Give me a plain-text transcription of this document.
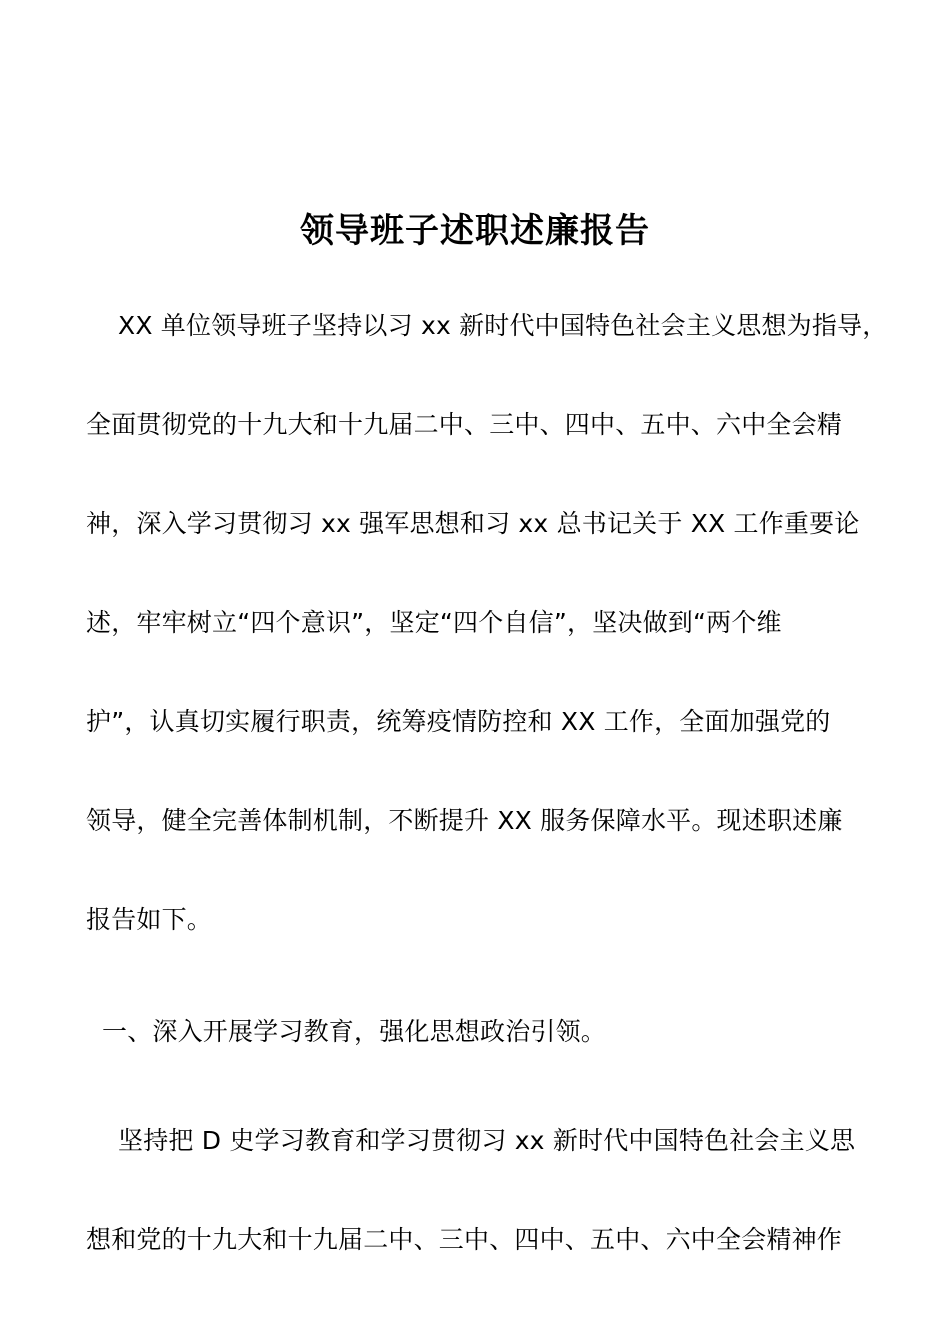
领导班子述职述廉报告
XX 单位领导班子坚持以习 xx 新时代中国特色社会主义思想为指导，
全面贯彻党的十九大和十九届二中、三中、四中、五中、六中全会精
神，深入学习贯彻习 xx 强军思想和习 xx 总书记关于 XX 工作重要论
述，牢牢树立“四个意识”，坚定“四个自信”，坚决做到“两个维
护”，认真切实履行职责，统筹疫情防控和 XX 工作，全面加强党的
领导，健全完善体制机制，不断提升 XX 服务保障水平。现述职述廉
报告如下。
一、深入开展学习教育，强化思想政治引领。
坚持把 D 史学习教育和学习贯彻习 xx 新时代中国特色社会主义思
想和党的十九大和十九届二中、三中、四中、五中、六中全会精神作
